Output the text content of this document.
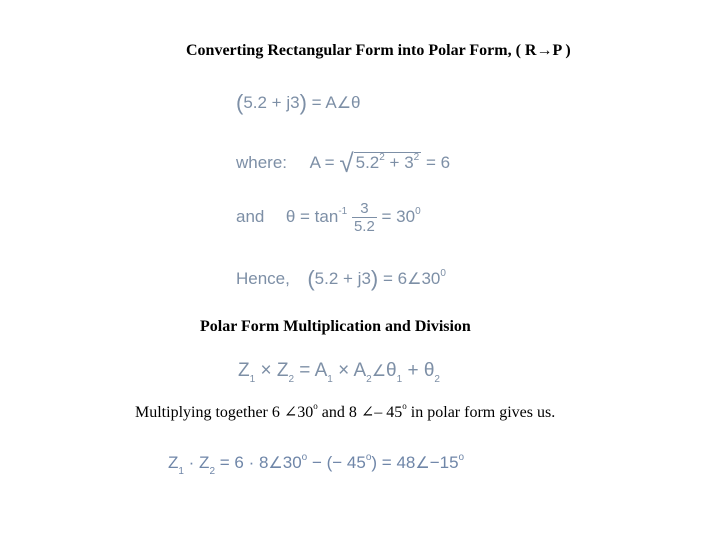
Converting Rectangular Form into Polar Form, ( R→P )
(5.2 + j3) = A∠θ
where: A = √ $5.2^2 + 3^2 = 6$
and $\theta = \tan^{-1} \frac{3}{5.2} = 30^0$
Hence, $(5.2 + j3) = 6\angle 30^0$
Polar Form Multiplication and Division
$Z_1 \times Z_2 = A_1$ × $A_2\angle\theta_1 + \theta_2$
Multiplying together 6 ∠30$^o$ and 8 ∠– 45$^o$ in polar form gives us.
$Z_1 \cdot Z_2 = 6$ · $8\angle 30^o$ − (− $45^o$) = $48\angle-15^o$
